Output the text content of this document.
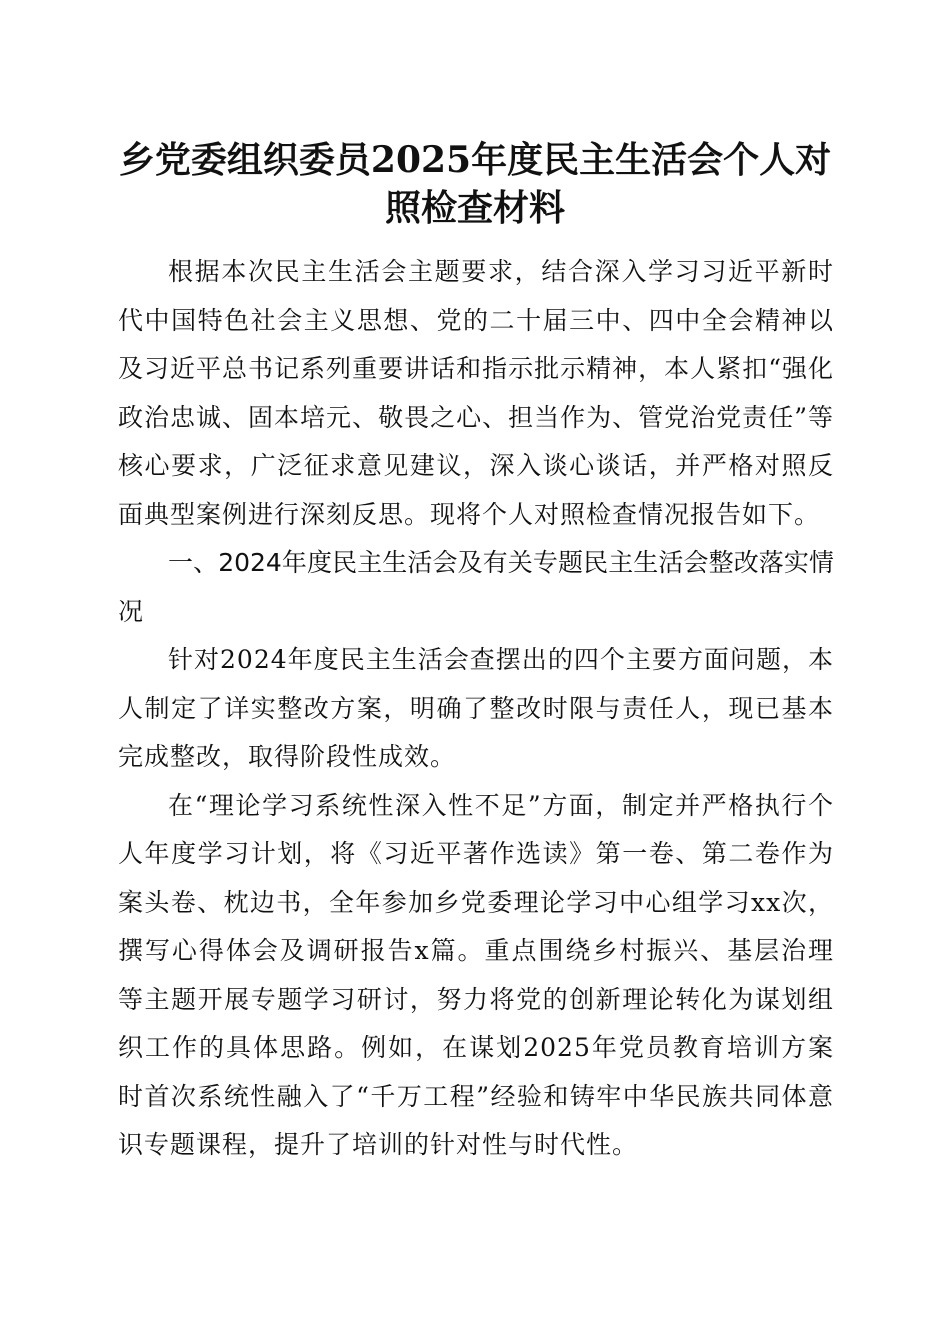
乡党委组织委员2025年度民主生活会个人对照检查材料

根据本次民主生活会主题要求，结合深入学习习近平新时代中国特色社会主义思想、党的二十届三中、四中全会精神以及习近平总书记系列重要讲话和指示批示精神，本人紧扣“强化政治忠诚、固本培元、敬畏之心、担当作为、管党治党责任”等核心要求，广泛征求意见建议，深入谈心谈话，并严格对照反面典型案例进行深刻反思。现将个人对照检查情况报告如下。

一、2024年度民主生活会及有关专题民主生活会整改落实情况

针对2024年度民主生活会查摆出的四个主要方面问题，本人制定了详实整改方案，明确了整改时限与责任人，现已基本完成整改，取得阶段性成效。

在“理论学习系统性深入性不足”方面，制定并严格执行个人年度学习计划，将《习近平著作选读》第一卷、第二卷作为案头卷、枕边书，全年参加乡党委理论学习中心组学习xx次，撰写心得体会及调研报告x篇。重点围绕乡村振兴、基层治理等主题开展专题学习研讨，努力将党的创新理论转化为谋划组织工作的具体思路。例如，在谋划2025年党员教育培训方案时首次系统性融入了“千万工程”经验和铸牢中华民族共同体意识专题课程，提升了培训的针对性与时代性。
